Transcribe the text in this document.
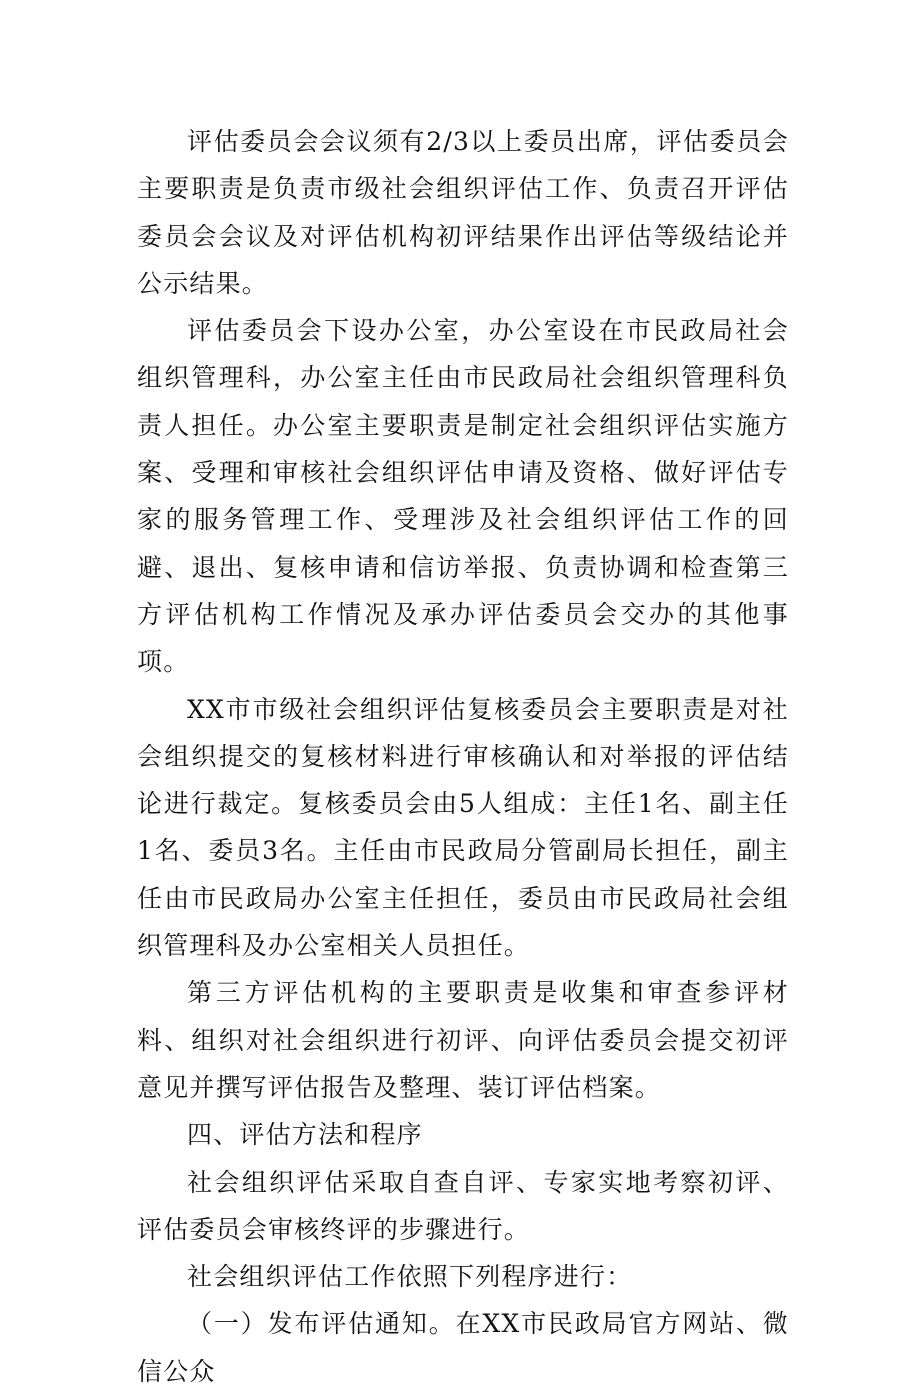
评估委员会会议须有2/3以上委员出席，评估委员会主要职责是负责市级社会组织评估工作、负责召开评估委员会会议及对评估机构初评结果作出评估等级结论并公示结果。

评估委员会下设办公室，办公室设在市民政局社会组织管理科，办公室主任由市民政局社会组织管理科负责人担任。办公室主要职责是制定社会组织评估实施方案、受理和审核社会组织评估申请及资格、做好评估专家的服务管理工作、受理涉及社会组织评估工作的回避、退出、复核申请和信访举报、负责协调和检查第三方评估机构工作情况及承办评估委员会交办的其他事项。

XX市市级社会组织评估复核委员会主要职责是对社会组织提交的复核材料进行审核确认和对举报的评估结论进行裁定。复核委员会由5人组成：主任1名、副主任1名、委员3名。主任由市民政局分管副局长担任，副主任由市民政局办公室主任担任，委员由市民政局社会组织管理科及办公室相关人员担任。

第三方评估机构的主要职责是收集和审查参评材料、组织对社会组织进行初评、向评估委员会提交初评意见并撰写评估报告及整理、装订评估档案。

四、评估方法和程序

社会组织评估采取自查自评、专家实地考察初评、评估委员会审核终评的步骤进行。

社会组织评估工作依照下列程序进行：

（一）发布评估通知。在XX市民政局官方网站、微信公众
